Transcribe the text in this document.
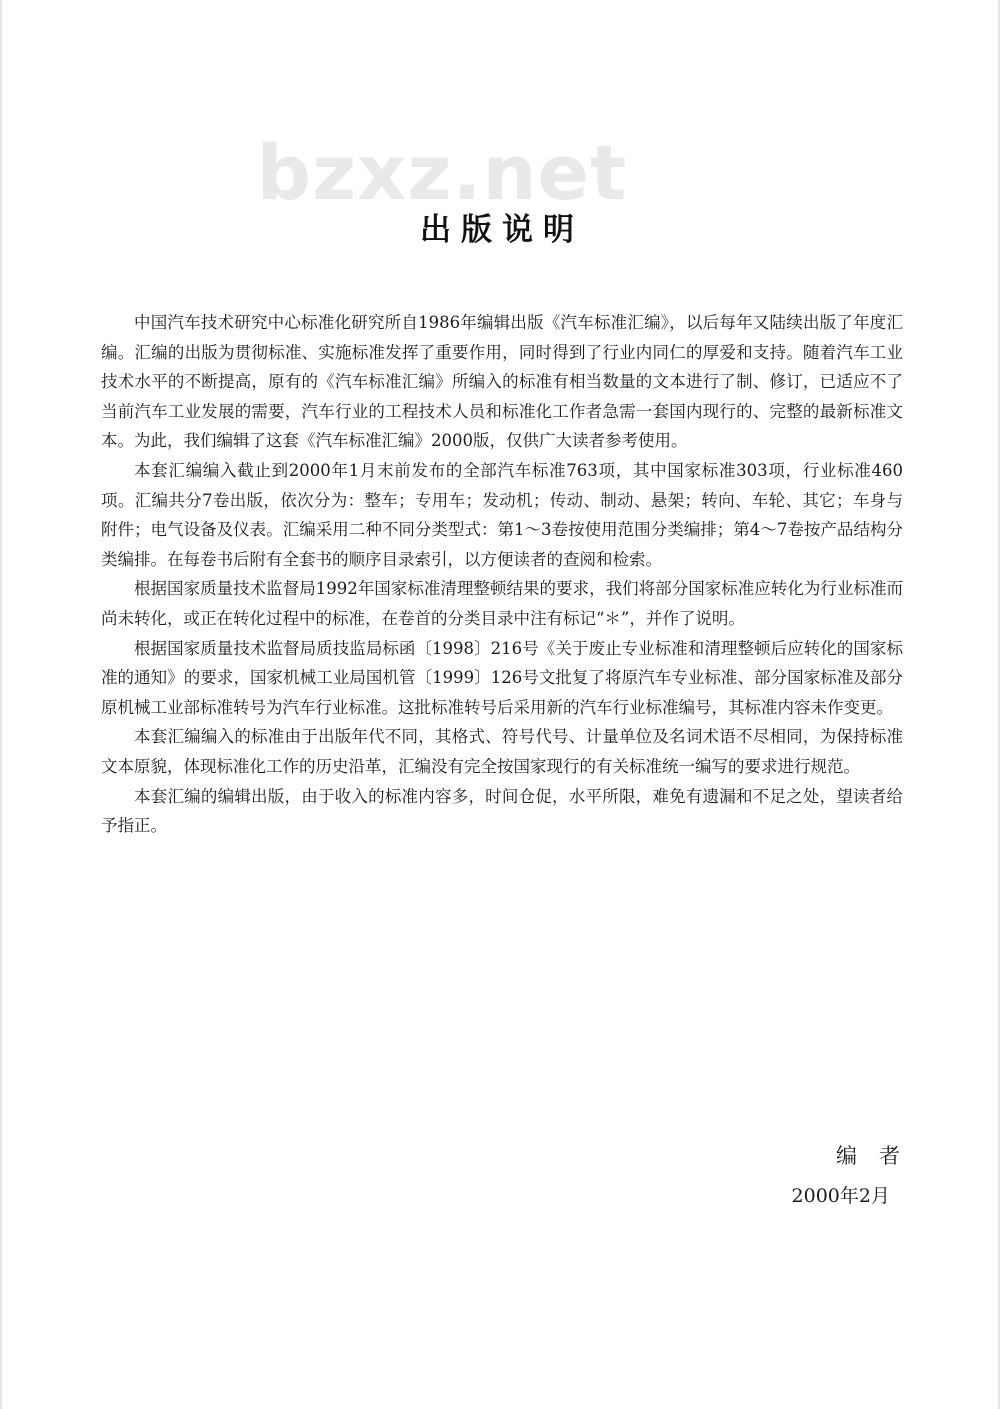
bzxz.net
出版说明

中国汽车技术研究中心标准化研究所自1986年编辑出版《汽车标准汇编》，以后每年又陆续出版了年度汇编。汇编的出版为贯彻标准、实施标准发挥了重要作用，同时得到了行业内同仁的厚爱和支持。随着汽车工业技术水平的不断提高，原有的《汽车标准汇编》所编入的标准有相当数量的文本进行了制、修订，已适应不了当前汽车工业发展的需要，汽车行业的工程技术人员和标准化工作者急需一套国内现行的、完整的最新标准文本。为此，我们编辑了这套《汽车标准汇编》2000版，仅供广大读者参考使用。

本套汇编编入截止到2000年1月末前发布的全部汽车标准763项，其中国家标准303项，行业标准460项。汇编共分7卷出版，依次分为：整车；专用车；发动机；传动、制动、悬架；转向、车轮、其它；车身与附件；电气设备及仪表。汇编采用二种不同分类型式：第1～3卷按使用范围分类编排；第4～7卷按产品结构分类编排。在每卷书后附有全套书的顺序目录索引，以方便读者的查阅和检索。

根据国家质量技术监督局1992年国家标准清理整顿结果的要求，我们将部分国家标准应转化为行业标准而尚未转化，或正在转化过程中的标准，在卷首的分类目录中注有标记“＊”，并作了说明。

根据国家质量技术监督局质技监局标函〔1998〕216号《关于废止专业标准和清理整顿后应转化的国家标准的通知》的要求，国家机械工业局国机管〔1999〕126号文批复了将原汽车专业标准、部分国家标准及部分原机械工业部标准转号为汽车行业标准。这批标准转号后采用新的汽车行业标准编号，其标准内容未作变更。

本套汇编编入的标准由于出版年代不同，其格式、符号代号、计量单位及名词术语不尽相同，为保持标准文本原貌，体现标准化工作的历史沿革，汇编没有完全按国家现行的有关标准统一编写的要求进行规范。

本套汇编的编辑出版，由于收入的标准内容多，时间仓促，水平所限，难免有遗漏和不足之处，望读者给予指正。

编者
2000年2月
